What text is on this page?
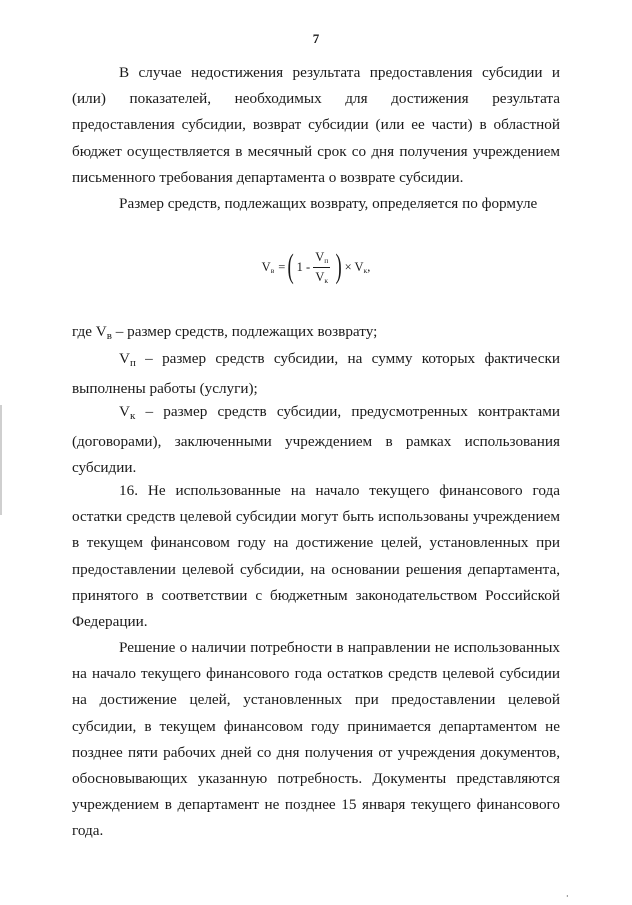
7
В случае недостижения результата предоставления субсидии и (или) показателей, необходимых для достижения результата предоставления субсидии, возврат субсидии (или ее части) в областной бюджет осуществляется в месячный срок со дня получения учреждением письменного требования департамента о возврате субсидии.
Размер средств, подлежащих возврату, определяется по формуле
Vв = ( $1 - \frac{Vп}{Vк}$ ) × Vк ,
где Vв – размер средств, подлежащих возврату;
Vп – размер средств субсидии, на сумму которых фактически выполнены работы (услуги);
Vк – размер средств субсидии, предусмотренных контрактами (договорами), заключенными учреждением в рамках использования субсидии.
16. Не использованные на начало текущего финансового года остатки средств целевой субсидии могут быть использованы учреждением в текущем финансовом году на достижение целей, установленных при предоставлении целевой субсидии, на основании решения департамента, принятого в соответствии с бюджетным законодательством Российской Федерации.
Решение о наличии потребности в направлении не использованных на начало текущего финансового года остатков средств целевой субсидии на достижение целей, установленных при предоставлении целевой субсидии, в текущем финансовом году принимается департаментом не позднее пяти рабочих дней со дня получения от учреждения документов, обосновывающих указанную потребность. Документы представляются учреждением в департамент не позднее 15 января текущего финансового года.
⸳
